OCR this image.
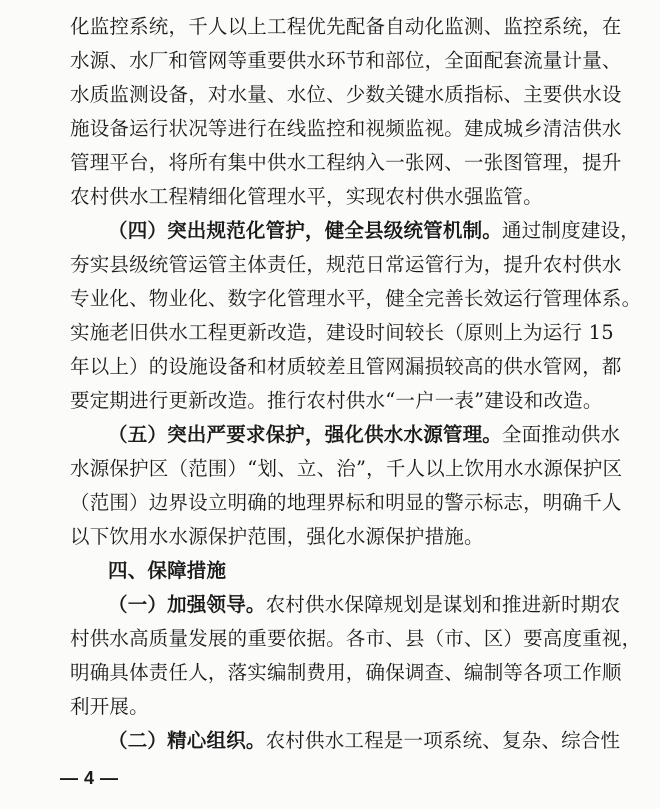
化监控系统，千人以上工程优先配备自动化监测、监控系统，在
水源、水厂和管网等重要供水环节和部位，全面配套流量计量、
水质监测设备，对水量、水位、少数关键水质指标、主要供水设
施设备运行状况等进行在线监控和视频监视。建成城乡清洁供水
管理平台，将所有集中供水工程纳入一张网、一张图管理，提升
农村供水工程精细化管理水平，实现农村供水强监管。
（四）突出规范化管护，健全县级统管机制。通过制度建设，
夯实县级统管运管主体责任，规范日常运管行为，提升农村供水
专业化、物业化、数字化管理水平，健全完善长效运行管理体系。
实施老旧供水工程更新改造，建设时间较长（原则上为运行 15
年以上）的设施设备和材质较差且管网漏损较高的供水管网，都
要定期进行更新改造。推行农村供水“一户一表”建设和改造。
（五）突出严要求保护，强化供水水源管理。全面推动供水
水源保护区（范围）“划、立、治”，千人以上饮用水水源保护区
（范围）边界设立明确的地理界标和明显的警示标志，明确千人
以下饮用水水源保护范围，强化水源保护措施。
四、保障措施
（一）加强领导。农村供水保障规划是谋划和推进新时期农
村供水高质量发展的重要依据。各市、县（市、区）要高度重视，
明确具体责任人，落实编制费用，确保调查、编制等各项工作顺
利开展。
（二）精心组织。农村供水工程是一项系统、复杂、综合性
— 4 —
